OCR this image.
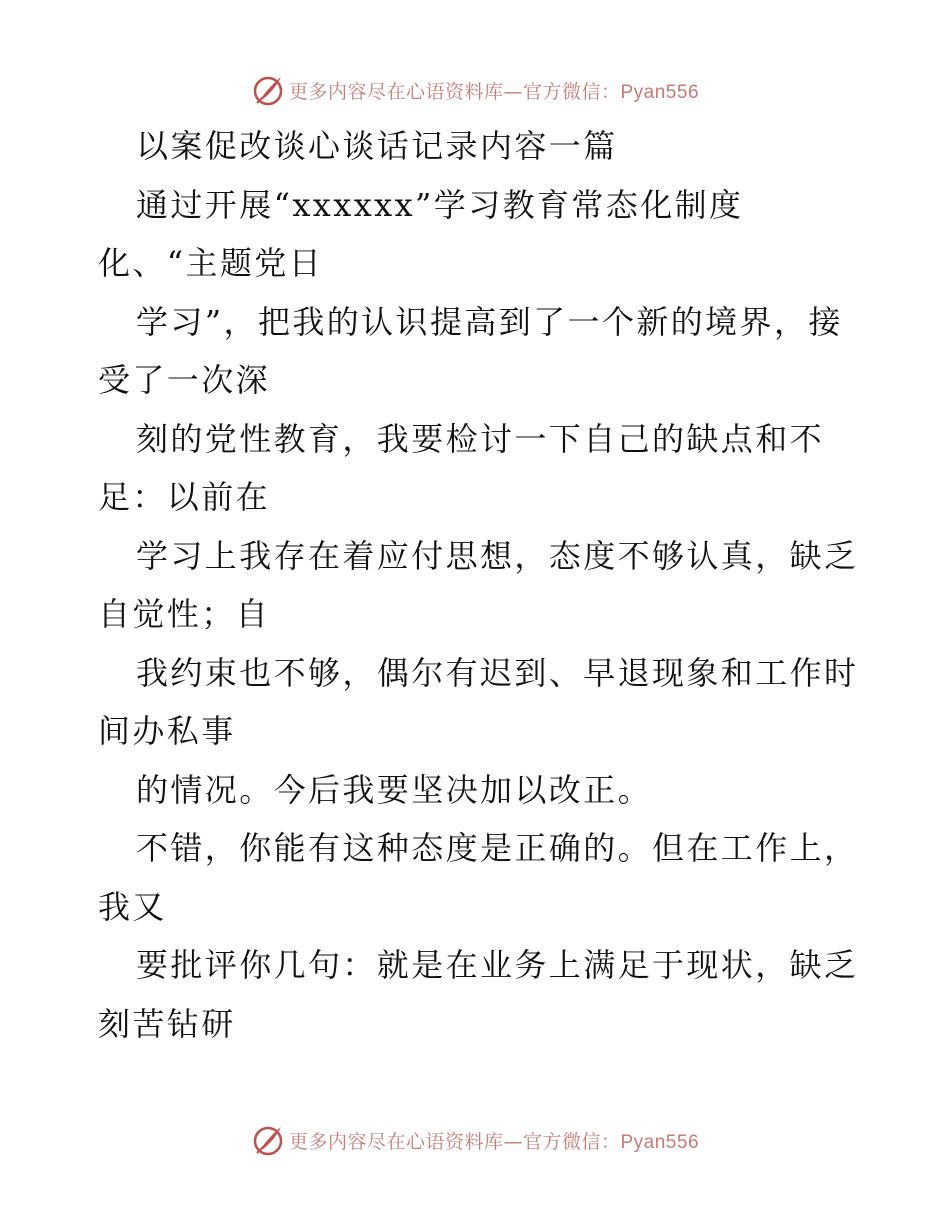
更多内容尽在心语资料库—官方微信：Pyan556
以案促改谈心谈话记录内容一篇
通过开展“xxxxxx”学习教育常态化制度
化、“主题党日
学习”，把我的认识提高到了一个新的境界，接
受了一次深
刻的党性教育，我要检讨一下自己的缺点和不
足：以前在
学习上我存在着应付思想，态度不够认真，缺乏
自觉性；自
我约束也不够，偶尔有迟到、早退现象和工作时
间办私事
的情况。今后我要坚决加以改正。
不错，你能有这种态度是正确的。但在工作上，
我又
要批评你几句：就是在业务上满足于现状，缺乏
刻苦钻研
更多内容尽在心语资料库—官方微信：Pyan556
